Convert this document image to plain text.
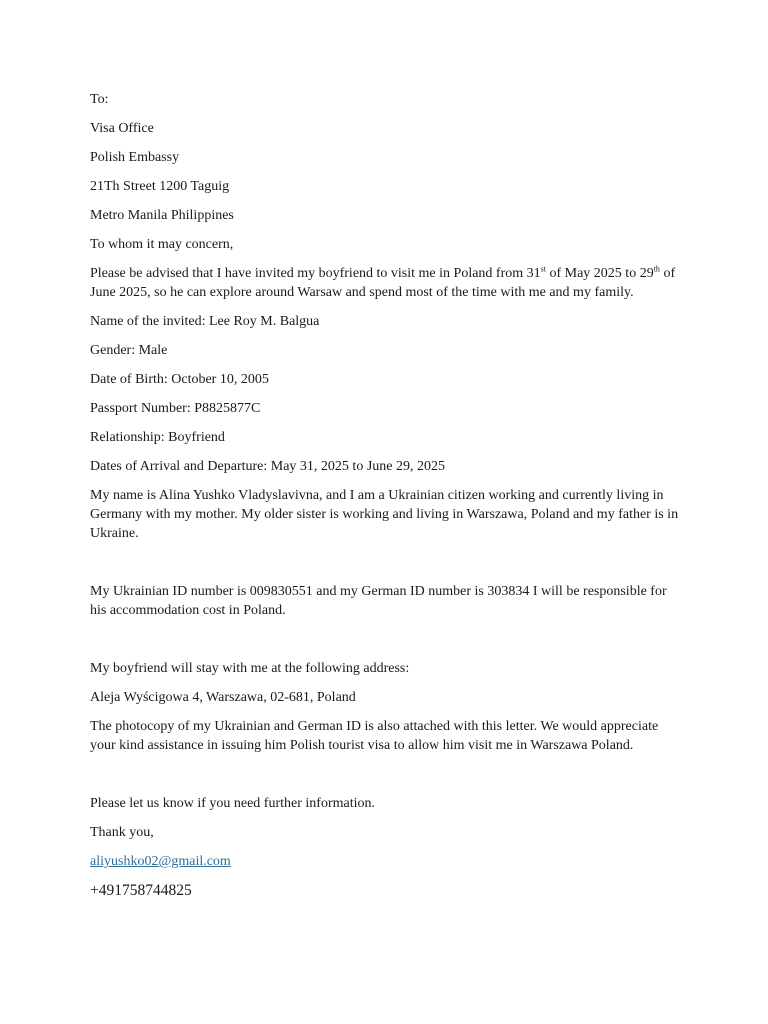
To:

Visa Office

Polish Embassy

21Th Street 1200 Taguig

Metro Manila Philippines

To whom it may concern,

Please be advised that I have invited my boyfriend to visit me in Poland from 31st of May 2025 to 29th of June 2025, so he can explore around Warsaw and spend most of the time with me and my family.

Name of the invited: Lee Roy M. Balgua

Gender: Male

Date of Birth: October 10, 2005

Passport Number: P8825877C

Relationship: Boyfriend

Dates of Arrival and Departure: May 31, 2025 to June 29, 2025

My name is Alina Yushko Vladyslavivna, and I am a Ukrainian citizen working and currently living in Germany with my mother. My older sister is working and living in Warszawa, Poland and my father is in Ukraine.

My Ukrainian ID number is 009830551 and my German ID number is 303834 I will be responsible for his accommodation cost in Poland.

My boyfriend will stay with me at the following address:

Aleja Wyścigowa 4, Warszawa, 02-681, Poland

The photocopy of my Ukrainian and German ID is also attached with this letter. We would appreciate your kind assistance in issuing him Polish tourist visa to allow him visit me in Warszawa Poland.

Please let us know if you need further information.

Thank you,

aliyushko02@gmail.com

+491758744825
